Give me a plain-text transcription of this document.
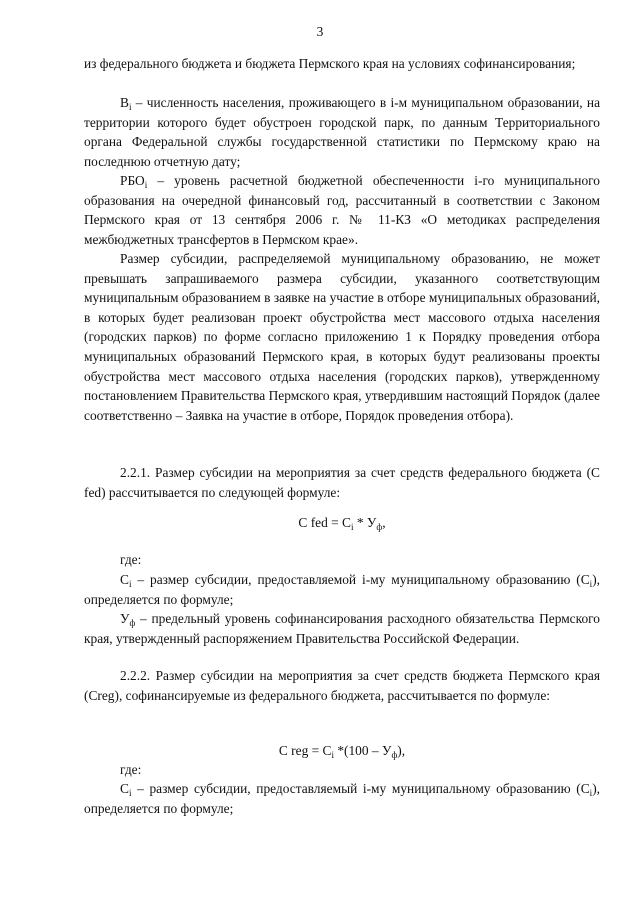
3

из федерального бюджета и бюджета Пермского края на условиях софинансирования;

$B_i$ – численность населения, проживающего в i-м муниципальном образовании, на территории которого будет обустроен городской парк, по данным Территориального органа Федеральной службы государственной статистики по Пермскому краю на последнюю отчетную дату;

$РБО_i$ – уровень расчетной бюджетной обеспеченности i-го муниципального образования на очередной финансовый год, рассчитанный в соответствии с Законом Пермского края от 13 сентября 2006 г. № 11-КЗ «О методиках распределения межбюджетных трансфертов в Пермском крае».

Размер субсидии, распределяемой муниципальному образованию, не может превышать запрашиваемого размера субсидии, указанного соответствующим муниципальным образованием в заявке на участие в отборе муниципальных образований, в которых будет реализован проект обустройства мест массового отдыха населения (городских парков) по форме согласно приложению 1 к Порядку проведения отбора муниципальных образований Пермского края, в которых будут реализованы проекты обустройства мест массового отдыха населения (городских парков), утвержденному постановлением Правительства Пермского края, утвердившим настоящий Порядок (далее соответственно – Заявка на участие в отборе, Порядок проведения отбора).

2.2.1. Размер субсидии на мероприятия за счет средств федерального бюджета (C fed) рассчитывается по следующей формуле:

C fed = $C_i * У_ф$,
где:

$C_i$ – размер субсидии, предоставляемой i-му муниципальному образованию $(C_i)$, определяется по формуле;

$У_ф$ – предельный уровень софинансирования расходного обязательства Пермского края, утвержденный распоряжением Правительства Российской Федерации.

2.2.2. Размер субсидии на мероприятия за счет средств бюджета Пермского края (Creg), софинансируемые из федерального бюджета, рассчитывается по формуле:

C reg = $C_i$ $*(100 - У_ф)$,
где:

$C_i$ – размер субсидии, предоставляемый i-му муниципальному образованию $(C_i)$, определяется по формуле;
